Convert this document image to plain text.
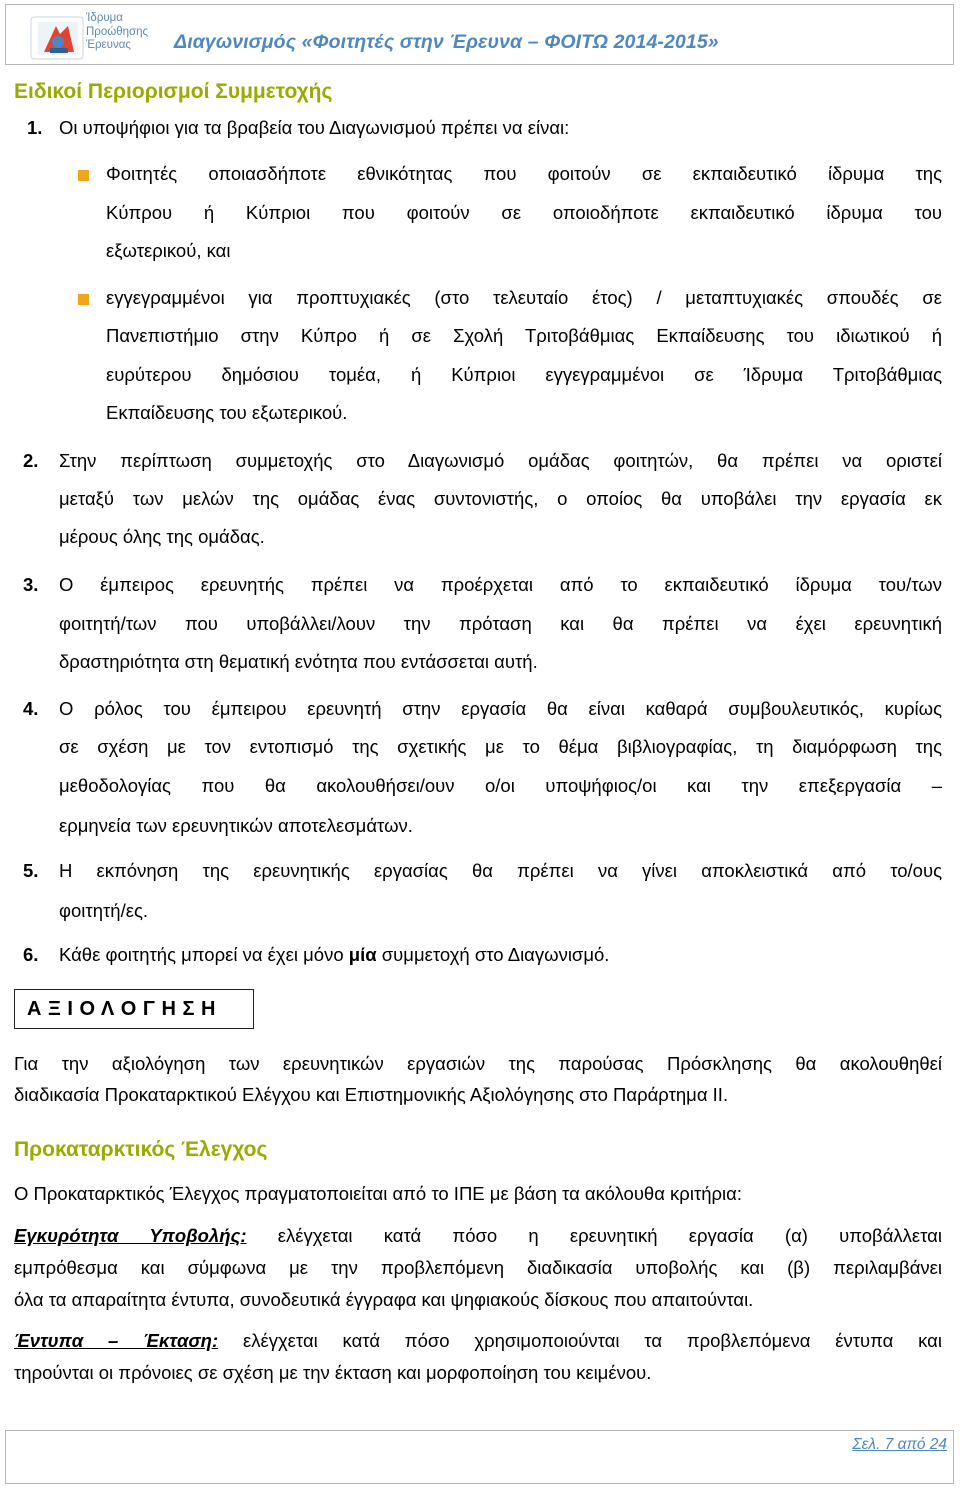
Ίδρυμα
Προώθησης
Έρευνας	Διαγωνισμός «Φοιτητές στην Έρευνα – ΦΟΙΤΩ 2014-2015»
Ειδικοί Περιορισμοί Συμμετοχής
1. Οι υποψήφιοι για τα βραβεία του Διαγωνισμού πρέπει να είναι:
Φοιτητές οποιασδήποτε εθνικότητας που φοιτούν σε εκπαιδευτικό ίδρυμα της
Κύπρου ή Κύπριοι που φοιτούν σε οποιοδήποτε εκπαιδευτικό ίδρυμα του
εξωτερικού, και
εγγεγραμμένοι για προπτυχιακές (στο τελευταίο έτος) / μεταπτυχιακές σπουδές σε
Πανεπιστήμιο στην Κύπρο ή σε Σχολή Τριτοβάθμιας Εκπαίδευσης του ιδιωτικού ή
ευρύτερου δημόσιου τομέα, ή Κύπριοι εγγεγραμμένοι σε Ίδρυμα Τριτοβάθμιας
Εκπαίδευσης του εξωτερικού.
2. Στην περίπτωση συμμετοχής στο Διαγωνισμό ομάδας φοιτητών, θα πρέπει να οριστεί
μεταξύ των μελών της ομάδας ένας συντονιστής, ο οποίος θα υποβάλει την εργασία εκ
μέρους όλης της ομάδας.
3. Ο έμπειρος ερευνητής πρέπει να προέρχεται από το εκπαιδευτικό ίδρυμα του/των
φοιτητή/των που υποβάλλει/λουν την πρόταση και θα πρέπει να έχει ερευνητική
δραστηριότητα στη θεματική ενότητα που εντάσσεται αυτή.
4. Ο ρόλος του έμπειρου ερευνητή στην εργασία θα είναι καθαρά συμβουλευτικός, κυρίως
σε σχέση με τον εντοπισμό της σχετικής με το θέμα βιβλιογραφίας, τη διαμόρφωση της
μεθοδολογίας που θα ακολουθήσει/ουν ο/οι υποψήφιος/οι και την επεξεργασία –
ερμηνεία των ερευνητικών αποτελεσμάτων.
5. Η εκπόνηση της ερευνητικής εργασίας θα πρέπει να γίνει αποκλειστικά από το/ους
φοιτητή/ες.
6. Κάθε φοιτητής μπορεί να έχει μόνο μία συμμετοχή στο Διαγωνισμό.
Α Ξ Ι Ο Λ Ο Γ Η Σ Η
Για την αξιολόγηση των ερευνητικών εργασιών της παρούσας Πρόσκλησης θα ακολουθηθεί
διαδικασία Προκαταρκτικού Ελέγχου και Επιστημονικής Αξιολόγησης στο Παράρτημα ΙΙ.
Προκαταρκτικός Έλεγχος
Ο Προκαταρκτικός Έλεγχος πραγματοποιείται από το ΙΠΕ με βάση τα ακόλουθα κριτήρια:
Εγκυρότητα Υποβολής: ελέγχεται κατά πόσο η ερευνητική εργασία (α) υποβάλλεται
εμπρόθεσμα και σύμφωνα με την προβλεπόμενη διαδικασία υποβολής και (β) περιλαμβάνει
όλα τα απαραίτητα έντυπα, συνοδευτικά έγγραφα και ψηφιακούς δίσκους που απαιτούνται.
Έντυπα – Έκταση: ελέγχεται κατά πόσο χρησιμοποιούνται τα προβλεπόμενα έντυπα και
τηρούνται οι πρόνοιες σε σχέση με την έκταση και μορφοποίηση του κειμένου.
Σελ. 7 από 24
